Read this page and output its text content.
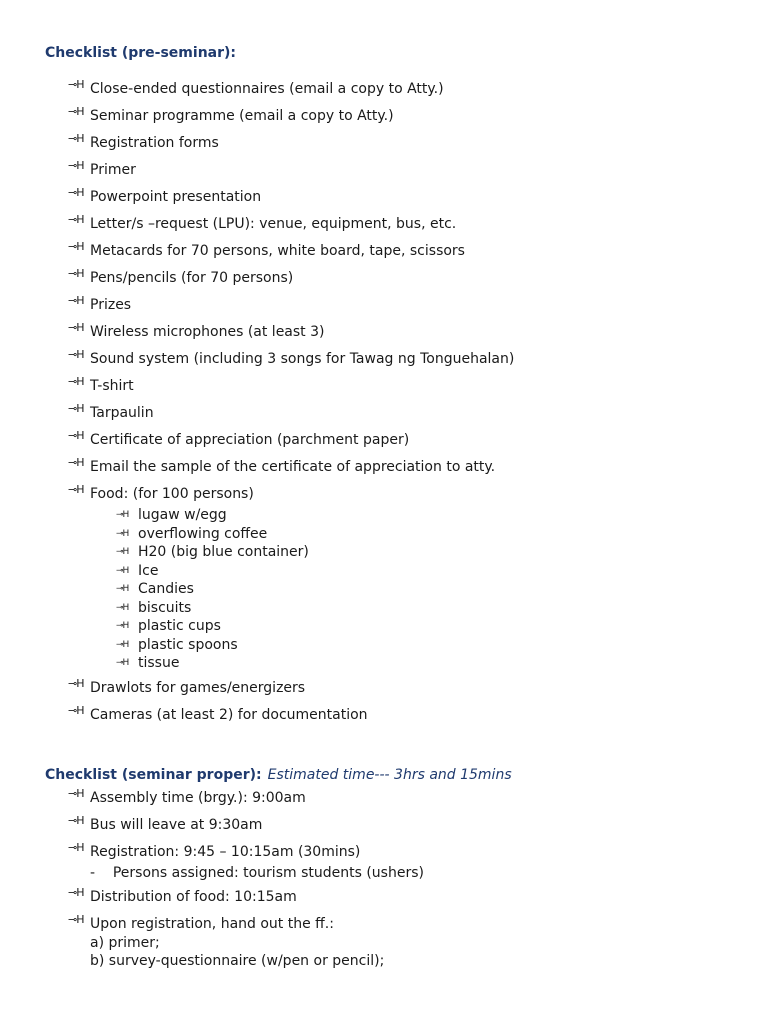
Checklist (pre-seminar):
⊸H Close-ended questionnaires (email a copy to Atty.)
⊸H Seminar programme (email a copy to Atty.)
⊸H Registration forms
⊸H Primer
⊸H Powerpoint presentation
⊸H Letter/s –request (LPU): venue, equipment, bus, etc.
⊸H Metacards for 70 persons, white board, tape, scissors
⊸H Pens/pencils (for 70 persons)
⊸H Prizes
⊸H Wireless microphones (at least 3)
⊸H Sound system (including 3 songs for Tawag ng Tonguehalan)
⊸H T-shirt
⊸H Tarpaulin
⊸H Certificate of appreciation (parchment paper)
⊸H Email the sample of the certificate of appreciation to atty.
⊸H Food: (for 100 persons)
⊸H lugaw w/egg
⊸H overflowing coffee
⊸H H20 (big blue container)
⊸H Ice
⊸H Candies
⊸H biscuits
⊸H plastic cups
⊸H plastic spoons
⊸H tissue
⊸H Drawlots for games/energizers
⊸H Cameras (at least 2) for documentation
Checklist (seminar proper): Estimated time--- 3hrs and 15mins
⊸H Assembly time (brgy.): 9:00am
⊸H Bus will leave at 9:30am
⊸H Registration: 9:45 – 10:15am (30mins)
-    Persons assigned: tourism students (ushers)
⊸H Distribution of food: 10:15am
⊸H Upon registration, hand out the ff.:
a) primer;
b) survey-questionnaire (w/pen or pencil);
